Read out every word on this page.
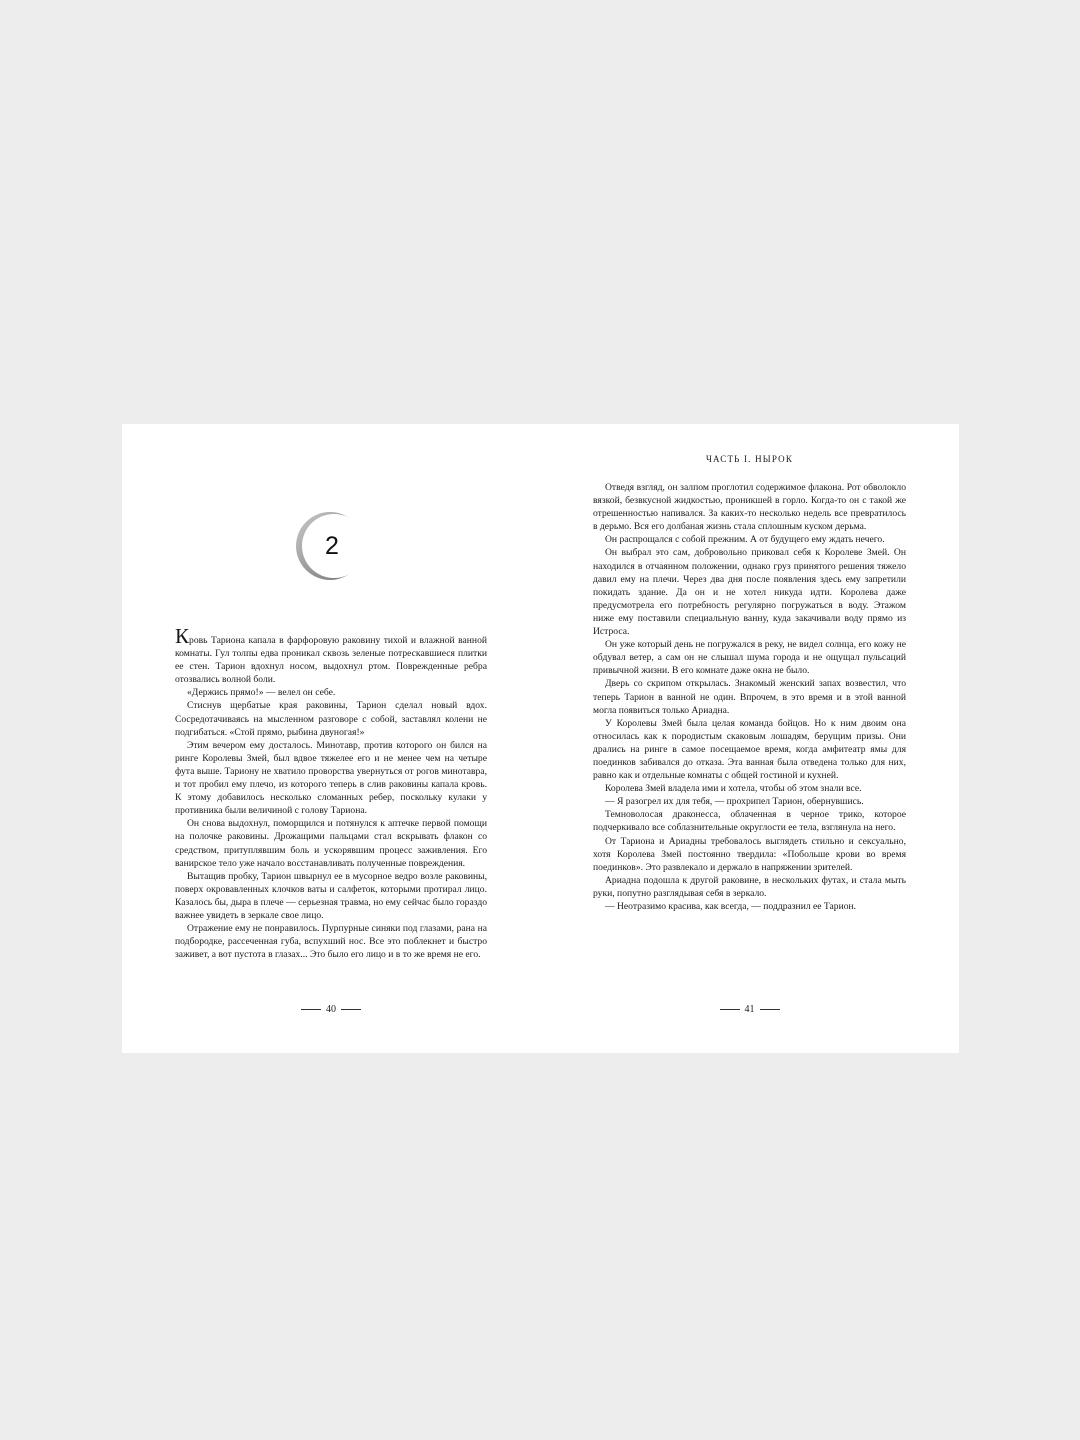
2

Кровь Тариона капала в фарфоровую раковину тихой и влажной ванной комнаты. Гул толпы едва проникал сквозь зеленые потрескавшиеся плитки ее стен. Тарион вдохнул носом, выдохнул ртом. Поврежденные ребра отозвались волной боли.

«Держись прямо!» — велел он себе.

Стиснув щербатые края раковины, Тарион сделал новый вдох. Сосредотачиваясь на мысленном разговоре с собой, заставлял колени не подгибаться. «Стой прямо, рыбина двуногая!»

Этим вечером ему досталось. Минотавр, против которого он бился на ринге Королевы Змей, был вдвое тяжелее его и не менее чем на четыре фута выше. Тариону не хватило проворства увернуться от рогов минотавра, и тот пробил ему плечо, из которого теперь в слив раковины капала кровь. К этому добавилось несколько сломанных ребер, поскольку кулаки у противника были величиной с голову Тариона.

Он снова выдохнул, поморщился и потянулся к аптечке первой помощи на полочке раковины. Дрожащими пальцами стал вскрывать флакон со средством, притуплявшим боль и ускорявшим процесс заживления. Его ванирское тело уже начало восстанавливать полученные повреждения.

Вытащив пробку, Тарион швырнул ее в мусорное ведро возле раковины, поверх окровавленных клочков ваты и салфеток, которыми протирал лицо. Казалось бы, дыра в плече — серьезная травма, но ему сейчас было гораздо важнее увидеть в зеркале свое лицо.

Отражение ему не понравилось. Пурпурные синяки под глазами, рана на подбородке, рассеченная губа, вспухший нос. Все это поблекнет и быстро заживет, а вот пустота в глазах... Это было его лицо и в то же время не его.

40
ЧАСТЬ I. НЫРОК

Отведя взгляд, он залпом проглотил содержимое флакона. Рот обволокло вязкой, безвкусной жидкостью, проникшей в горло. Когда-то он с такой же отрешенностью напивался. За каких-то несколько недель все превратилось в дерьмо. Вся его долбаная жизнь стала сплошным куском дерьма.

Он распрощался с собой прежним. А от будущего ему ждать нечего.

Он выбрал это сам, добровольно приковал себя к Королеве Змей. Он находился в отчаянном положении, однако груз принятого решения тяжело давил ему на плечи. Через два дня после появления здесь ему запретили покидать здание. Да он и не хотел никуда идти. Королева даже предусмотрела его потребность регулярно погружаться в воду. Этажом ниже ему поставили специальную ванну, куда закачивали воду прямо из Истроса.

Он уже который день не погружался в реку, не видел солнца, его кожу не обдувал ветер, а сам он не слышал шума города и не ощущал пульсаций привычной жизни. В его комнате даже окна не было.

Дверь со скрипом открылась. Знакомый женский запах возвестил, что теперь Тарион в ванной не один. Впрочем, в это время и в этой ванной могла появиться только Ариадна.

У Королевы Змей была целая команда бойцов. Но к ним двоим она относилась как к породистым скаковым лошадям, берущим призы. Они дрались на ринге в самое посещаемое время, когда амфитеатр ямы для поединков забивался до отказа. Эта ванная была отведена только для них, равно как и отдельные комнаты с общей гостиной и кухней.

Королева Змей владела ими и хотела, чтобы об этом знали все.

— Я разогрел их для тебя, — прохрипел Тарион, обернувшись.

Темноволосая драконесса, облаченная в черное трико, которое подчеркивало все соблазнительные округлости ее тела, взглянула на него.

От Тариона и Ариадны требовалось выглядеть стильно и сексуально, хотя Королева Змей постоянно твердила: «Побольше крови во время поединков». Это развлекало и держало в напряжении зрителей.

Ариадна подошла к другой раковине, в нескольких футах, и стала мыть руки, попутно разглядывая себя в зеркало.

— Неотразимо красива, как всегда, — поддразнил ее Тарион.

41
